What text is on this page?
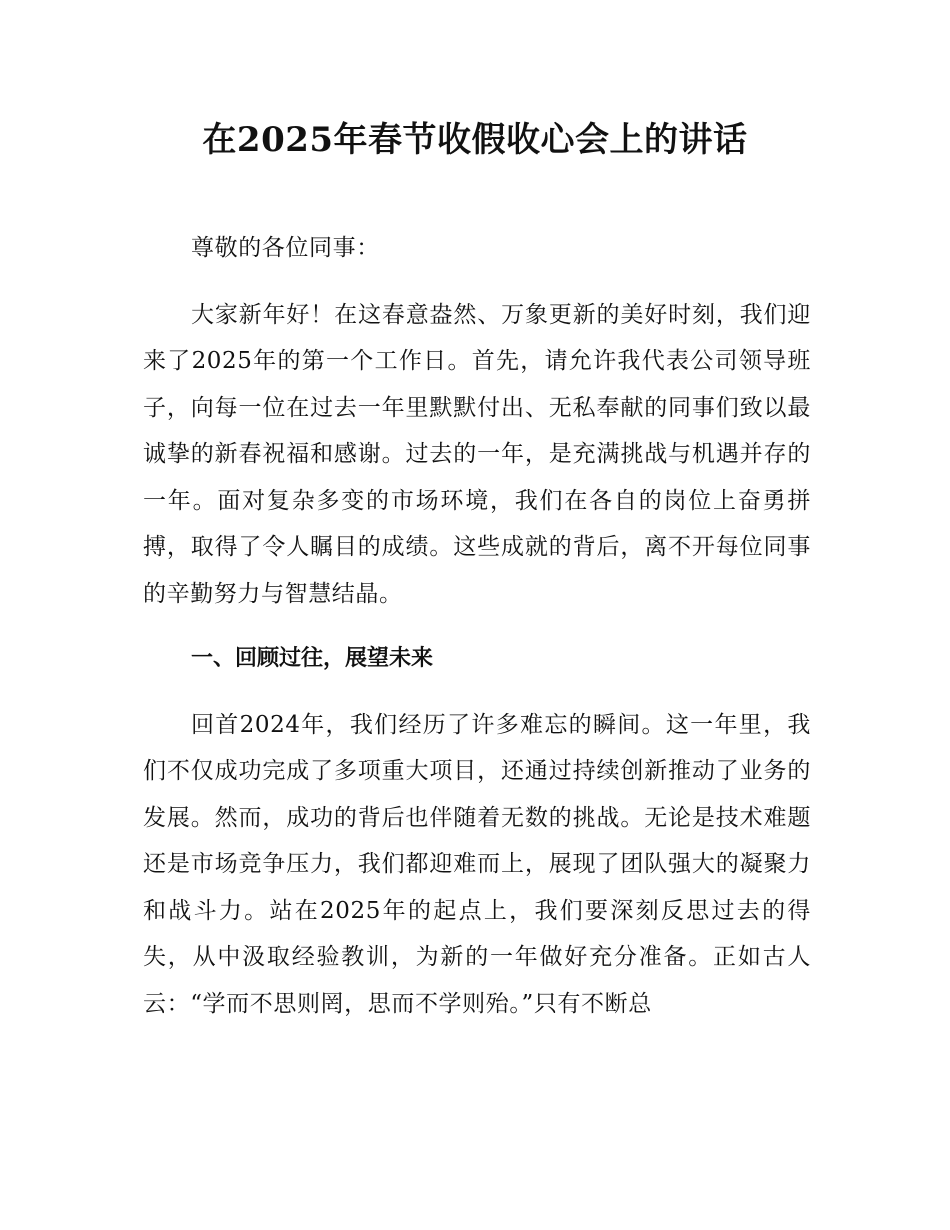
在2025年春节收假收心会上的讲话

尊敬的各位同事：

大家新年好！在这春意盎然、万象更新的美好时刻，我们迎来了2025年的第一个工作日。首先，请允许我代表公司领导班子，向每一位在过去一年里默默付出、无私奉献的同事们致以最诚挚的新春祝福和感谢。过去的一年，是充满挑战与机遇并存的一年。面对复杂多变的市场环境，我们在各自的岗位上奋勇拼搏，取得了令人瞩目的成绩。这些成就的背后，离不开每位同事的辛勤努力与智慧结晶。

一、回顾过往，展望未来

回首2024年，我们经历了许多难忘的瞬间。这一年里，我们不仅成功完成了多项重大项目，还通过持续创新推动了业务的发展。然而，成功的背后也伴随着无数的挑战。无论是技术难题还是市场竞争压力，我们都迎难而上，展现了团队强大的凝聚力和战斗力。站在2025年的起点上，我们要深刻反思过去的得失，从中汲取经验教训，为新的一年做好充分准备。正如古人云：“学而不思则罔，思而不学则殆。”只有不断总
